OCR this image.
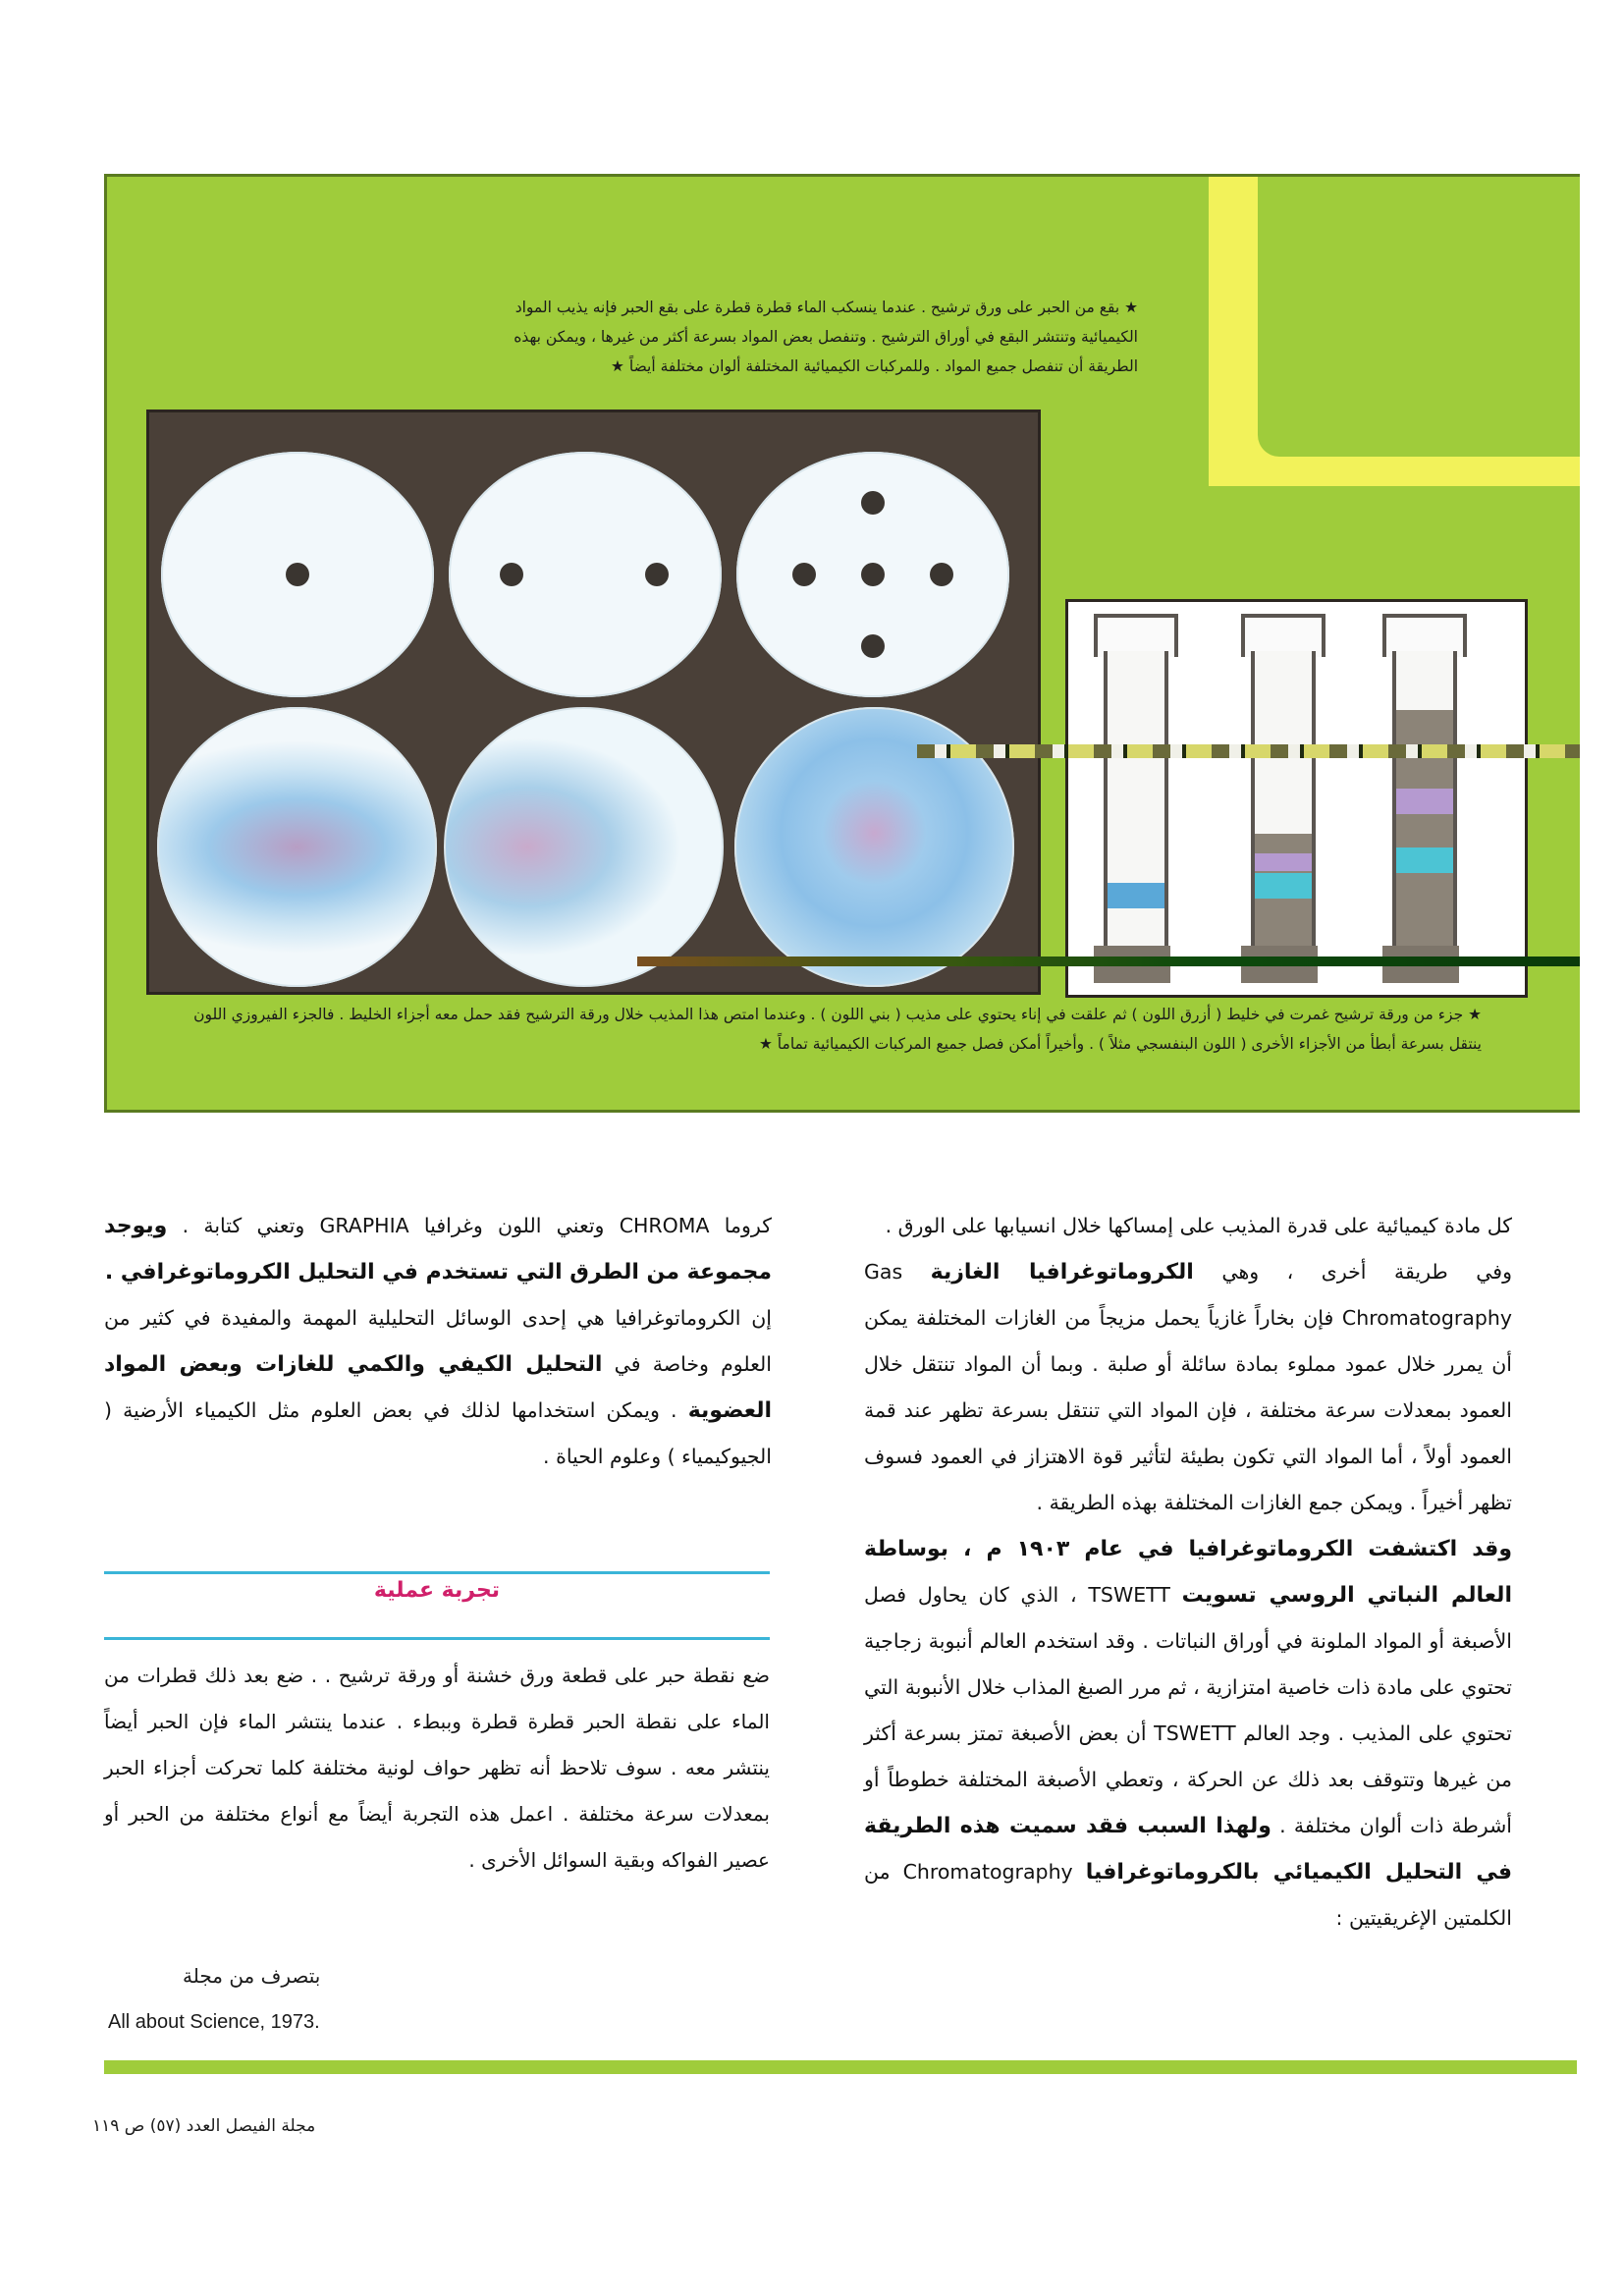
★ بقع من الحبر على ورق ترشيح . عندما ينسكب الماء قطرة قطرة على بقع الحبر فإنه يذيب المواد الكيميائية وتنتشر البقع في أوراق الترشيح . وتنفصل بعض المواد بسرعة أكثر من غيرها ، ويمكن بهذه الطريقة أن تنفصل جميع المواد . وللمركبات الكيميائية المختلفة ألوان مختلفة أيضاً ★
★ جزء من ورقة ترشيح غمرت في خليط ( أزرق اللون ) ثم علقت في إناء يحتوي على مذيب ( بني اللون ) . وعندما امتص هذا المذيب خلال ورقة الترشيح فقد حمل معه أجزاء الخليط . فالجزء الفيروزي اللون ينتقل بسرعة أبطأ من الأجزاء الأخرى ( اللون البنفسجي مثلاً ) . وأخيراً أمكن فصل جميع المركبات الكيميائية تماماً ★

كل مادة كيميائية على قدرة المذيب على إمساكها خلال انسيابها على الورق .

وفي طريقة أخرى ، وهي الكروماتوغرافيا الغازية Gas Chromatography فإن بخاراً غازياً يحمل مزيجاً من الغازات المختلفة يمكن أن يمرر خلال عمود مملوء بمادة سائلة أو صلبة . وبما أن المواد تنتقل خلال العمود بمعدلات سرعة مختلفة ، فإن المواد التي تنتقل بسرعة تظهر عند قمة العمود أولاً ، أما المواد التي تكون بطيئة لتأثير قوة الاهتزاز في العمود فسوف تظهر أخيراً . ويمكن جمع الغازات المختلفة بهذه الطريقة .

وقد اكتشفت الكروماتوغرافيا في عام ١٩٠٣ م ، بوساطة العالم النباتي الروسي تسويت TSWETT ، الذي كان يحاول فصل الأصبغة أو المواد الملونة في أوراق النباتات . وقد استخدم العالم أنبوبة زجاجية تحتوي على مادة ذات خاصية امتزازية ، ثم مرر الصبغ المذاب خلال الأنبوبة التي تحتوي على المذيب . وجد العالم TSWETT أن بعض الأصبغة تمتز بسرعة أكثر من غيرها وتتوقف بعد ذلك عن الحركة ، وتعطي الأصبغة المختلفة خطوطاً أو أشرطة ذات ألوان مختلفة . ولهذا السبب فقد سميت هذه الطريقة في التحليل الكيميائي بالكروماتوغرافيا Chromatography من الكلمتين الإغريقيتين :

كروما CHROMA وتعني اللون وغرافيا GRAPHIA وتعني كتابة . ويوجد مجموعة من الطرق التي تستخدم في التحليل الكروماتوغرافي .

إن الكروماتوغرافيا هي إحدى الوسائل التحليلية المهمة والمفيدة في كثير من العلوم وخاصة في التحليل الكيفي والكمي للغازات وبعض المواد العضوية . ويمكن استخدامها لذلك في بعض العلوم مثل الكيمياء الأرضية ( الجيوكيمياء ) وعلوم الحياة .

تجربة عملية
ضع نقطة حبر على قطعة ورق خشنة أو ورقة ترشيح . . ضع بعد ذلك قطرات من الماء على نقطة الحبر قطرة قطرة وببطء . عندما ينتشر الماء فإن الحبر أيضاً ينتشر معه . سوف تلاحظ أنه تظهر حواف لونية مختلفة كلما تحركت أجزاء الحبر بمعدلات سرعة مختلفة . اعمل هذه التجربة أيضاً مع أنواع مختلفة من الحبر أو عصير الفواكه وبقية السوائل الأخرى .
بتصرف من مجلة
All about Science, 1973.
مجلة الفيصل العدد (٥٧) ص ١١٩
